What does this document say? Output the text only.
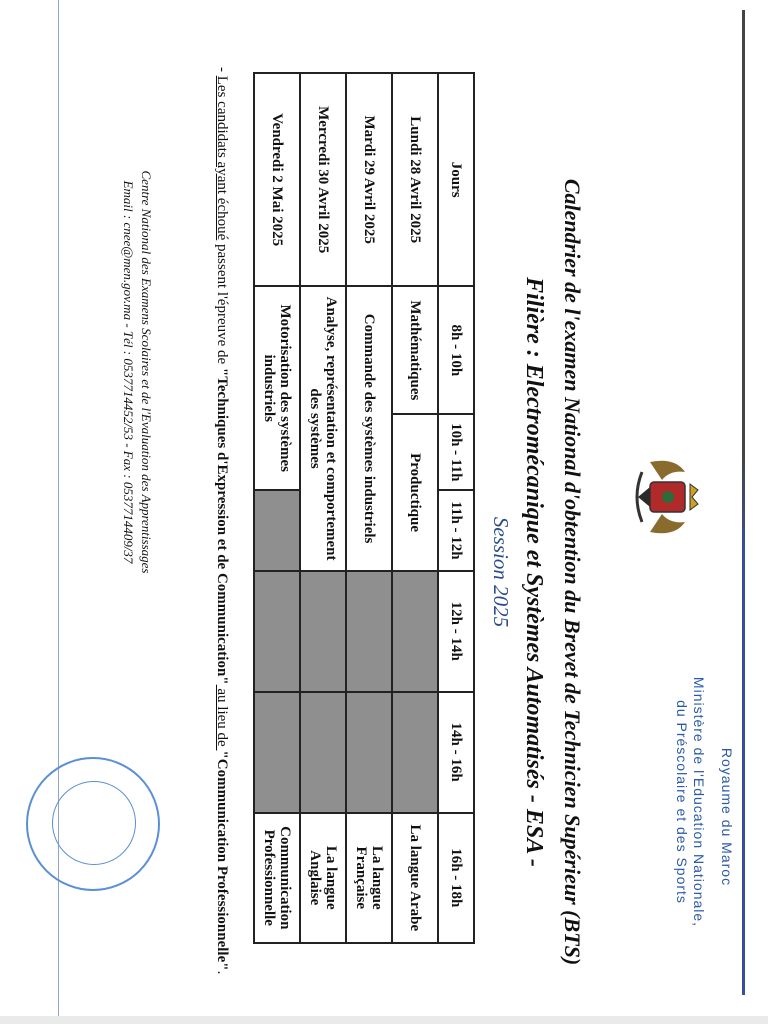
Royaume du Maroc
Ministère de l'Education Nationale,
du Préscolaire et des Sports
Calendrier de l'examen National d'obtention du Brevet de Technicien Supérieur (BTS)
Filière : Electromécanique et Systèmes Automatisés - ESA -
Session 2025
Jours	8h - 10h	10h - 11h	11h - 12h	12h - 14h	14h - 16h	16h - 18h
Lundi 28 Avril 2025	Mathématiques	Productique				La langue Arabe
Mardi 29 Avril 2025	Commande des systèmes industriels					La langue Française
Mercredi 30 Avril 2025	Analyse, représentation et comportement des systèmes					La langue Anglaise
Vendredi 2 Mai 2025	Motorisation des systèmes industriels					Communication Professionnelle
- Les candidats ayant échoué passent l'épreuve de "Techniques d'Expression et de Communication" au lieu de "Communication Professionnelle".
Centre National des Examens Scolaires et de l'Evaluation des Apprentissages
Email : cnee@men.gov.ma - Tél : 0537714452/53 - Fax : 0537714409/37
